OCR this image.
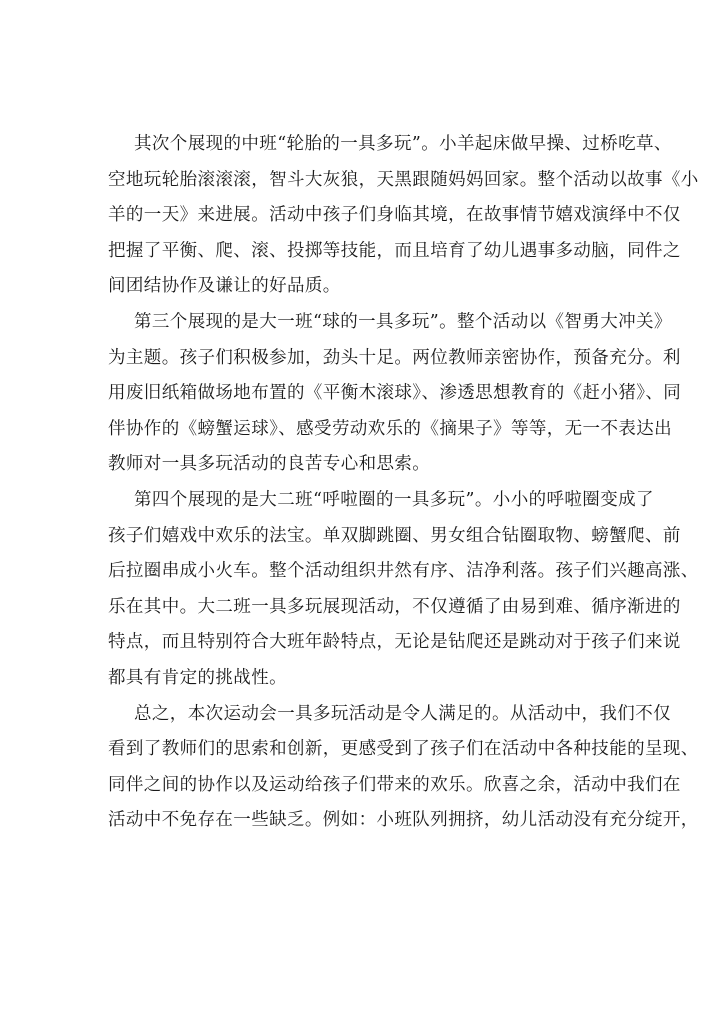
其次个展现的中班“轮胎的一具多玩”。小羊起床做早操、过桥吃草、
空地玩轮胎滚滚滚，智斗大灰狼，天黑跟随妈妈回家。整个活动以故事《小
羊的一天》来进展。活动中孩子们身临其境，在故事情节嬉戏演绎中不仅
把握了平衡、爬、滚、投掷等技能，而且培育了幼儿遇事多动脑，同件之
间团结协作及谦让的好品质。

第三个展现的是大一班“球的一具多玩”。整个活动以《智勇大冲关》
为主题。孩子们积极参加，劲头十足。两位教师亲密协作，预备充分。利
用废旧纸箱做场地布置的《平衡木滚球》、渗透思想教育的《赶小猪》、同
伴协作的《螃蟹运球》、感受劳动欢乐的《摘果子》等等，无一不表达出
教师对一具多玩活动的良苦专心和思索。

第四个展现的是大二班“呼啦圈的一具多玩”。小小的呼啦圈变成了
孩子们嬉戏中欢乐的法宝。单双脚跳圈、男女组合钻圈取物、螃蟹爬、前
后拉圈串成小火车。整个活动组织井然有序、洁净利落。孩子们兴趣高涨、
乐在其中。大二班一具多玩展现活动，不仅遵循了由易到难、循序渐进的
特点，而且特别符合大班年龄特点，无论是钻爬还是跳动对于孩子们来说
都具有肯定的挑战性。

总之，本次运动会一具多玩活动是令人满足的。从活动中，我们不仅
看到了教师们的思索和创新，更感受到了孩子们在活动中各种技能的呈现、
同伴之间的协作以及运动给孩子们带来的欢乐。欣喜之余，活动中我们在
活动中不免存在一些缺乏。例如：小班队列拥挤，幼儿活动没有充分绽开，
